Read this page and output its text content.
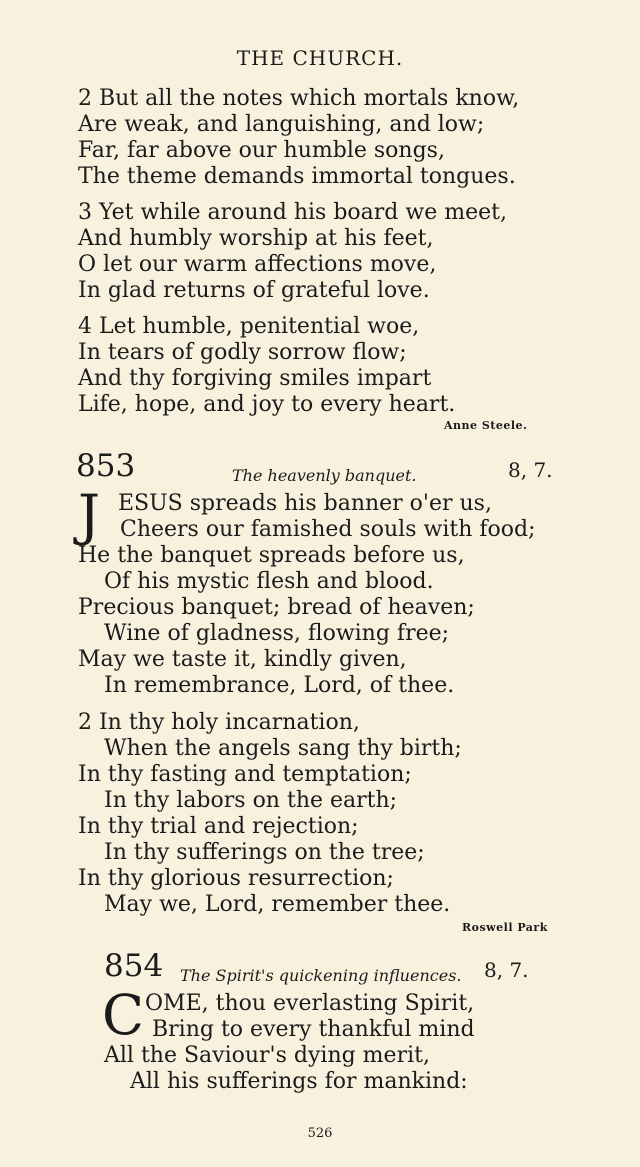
THE CHURCH.
2 But all the notes which mortals know,
Are weak, and languishing, and low;
Far, far above our humble songs,
The theme demands immortal tongues.
3 Yet while around his board we meet,
And humbly worship at his feet,
O let our warm affections move,
In glad returns of grateful love.
4 Let humble, penitential woe,
In tears of godly sorrow flow;
And thy forgiving smiles impart
Life, hope, and joy to every heart.
Anne Steele.
853	The heavenly banquet.	8, 7.
J ESUS spreads his banner o'er us,
Cheers our famished souls with food;
He the banquet spreads before us,
Of his mystic flesh and blood.
Precious banquet; bread of heaven;
Wine of gladness, flowing free;
May we taste it, kindly given,
In remembrance, Lord, of thee.
2 In thy holy incarnation,
When the angels sang thy birth;
In thy fasting and temptation;
In thy labors on the earth;
In thy trial and rejection;
In thy sufferings on the tree;
In thy glorious resurrection;
May we, Lord, remember thee.
Roswell Park
854 The Spirit's quickening influences. 8, 7.
C OME, thou everlasting Spirit,
Bring to every thankful mind
All the Saviour's dying merit,
All his sufferings for mankind:
526
